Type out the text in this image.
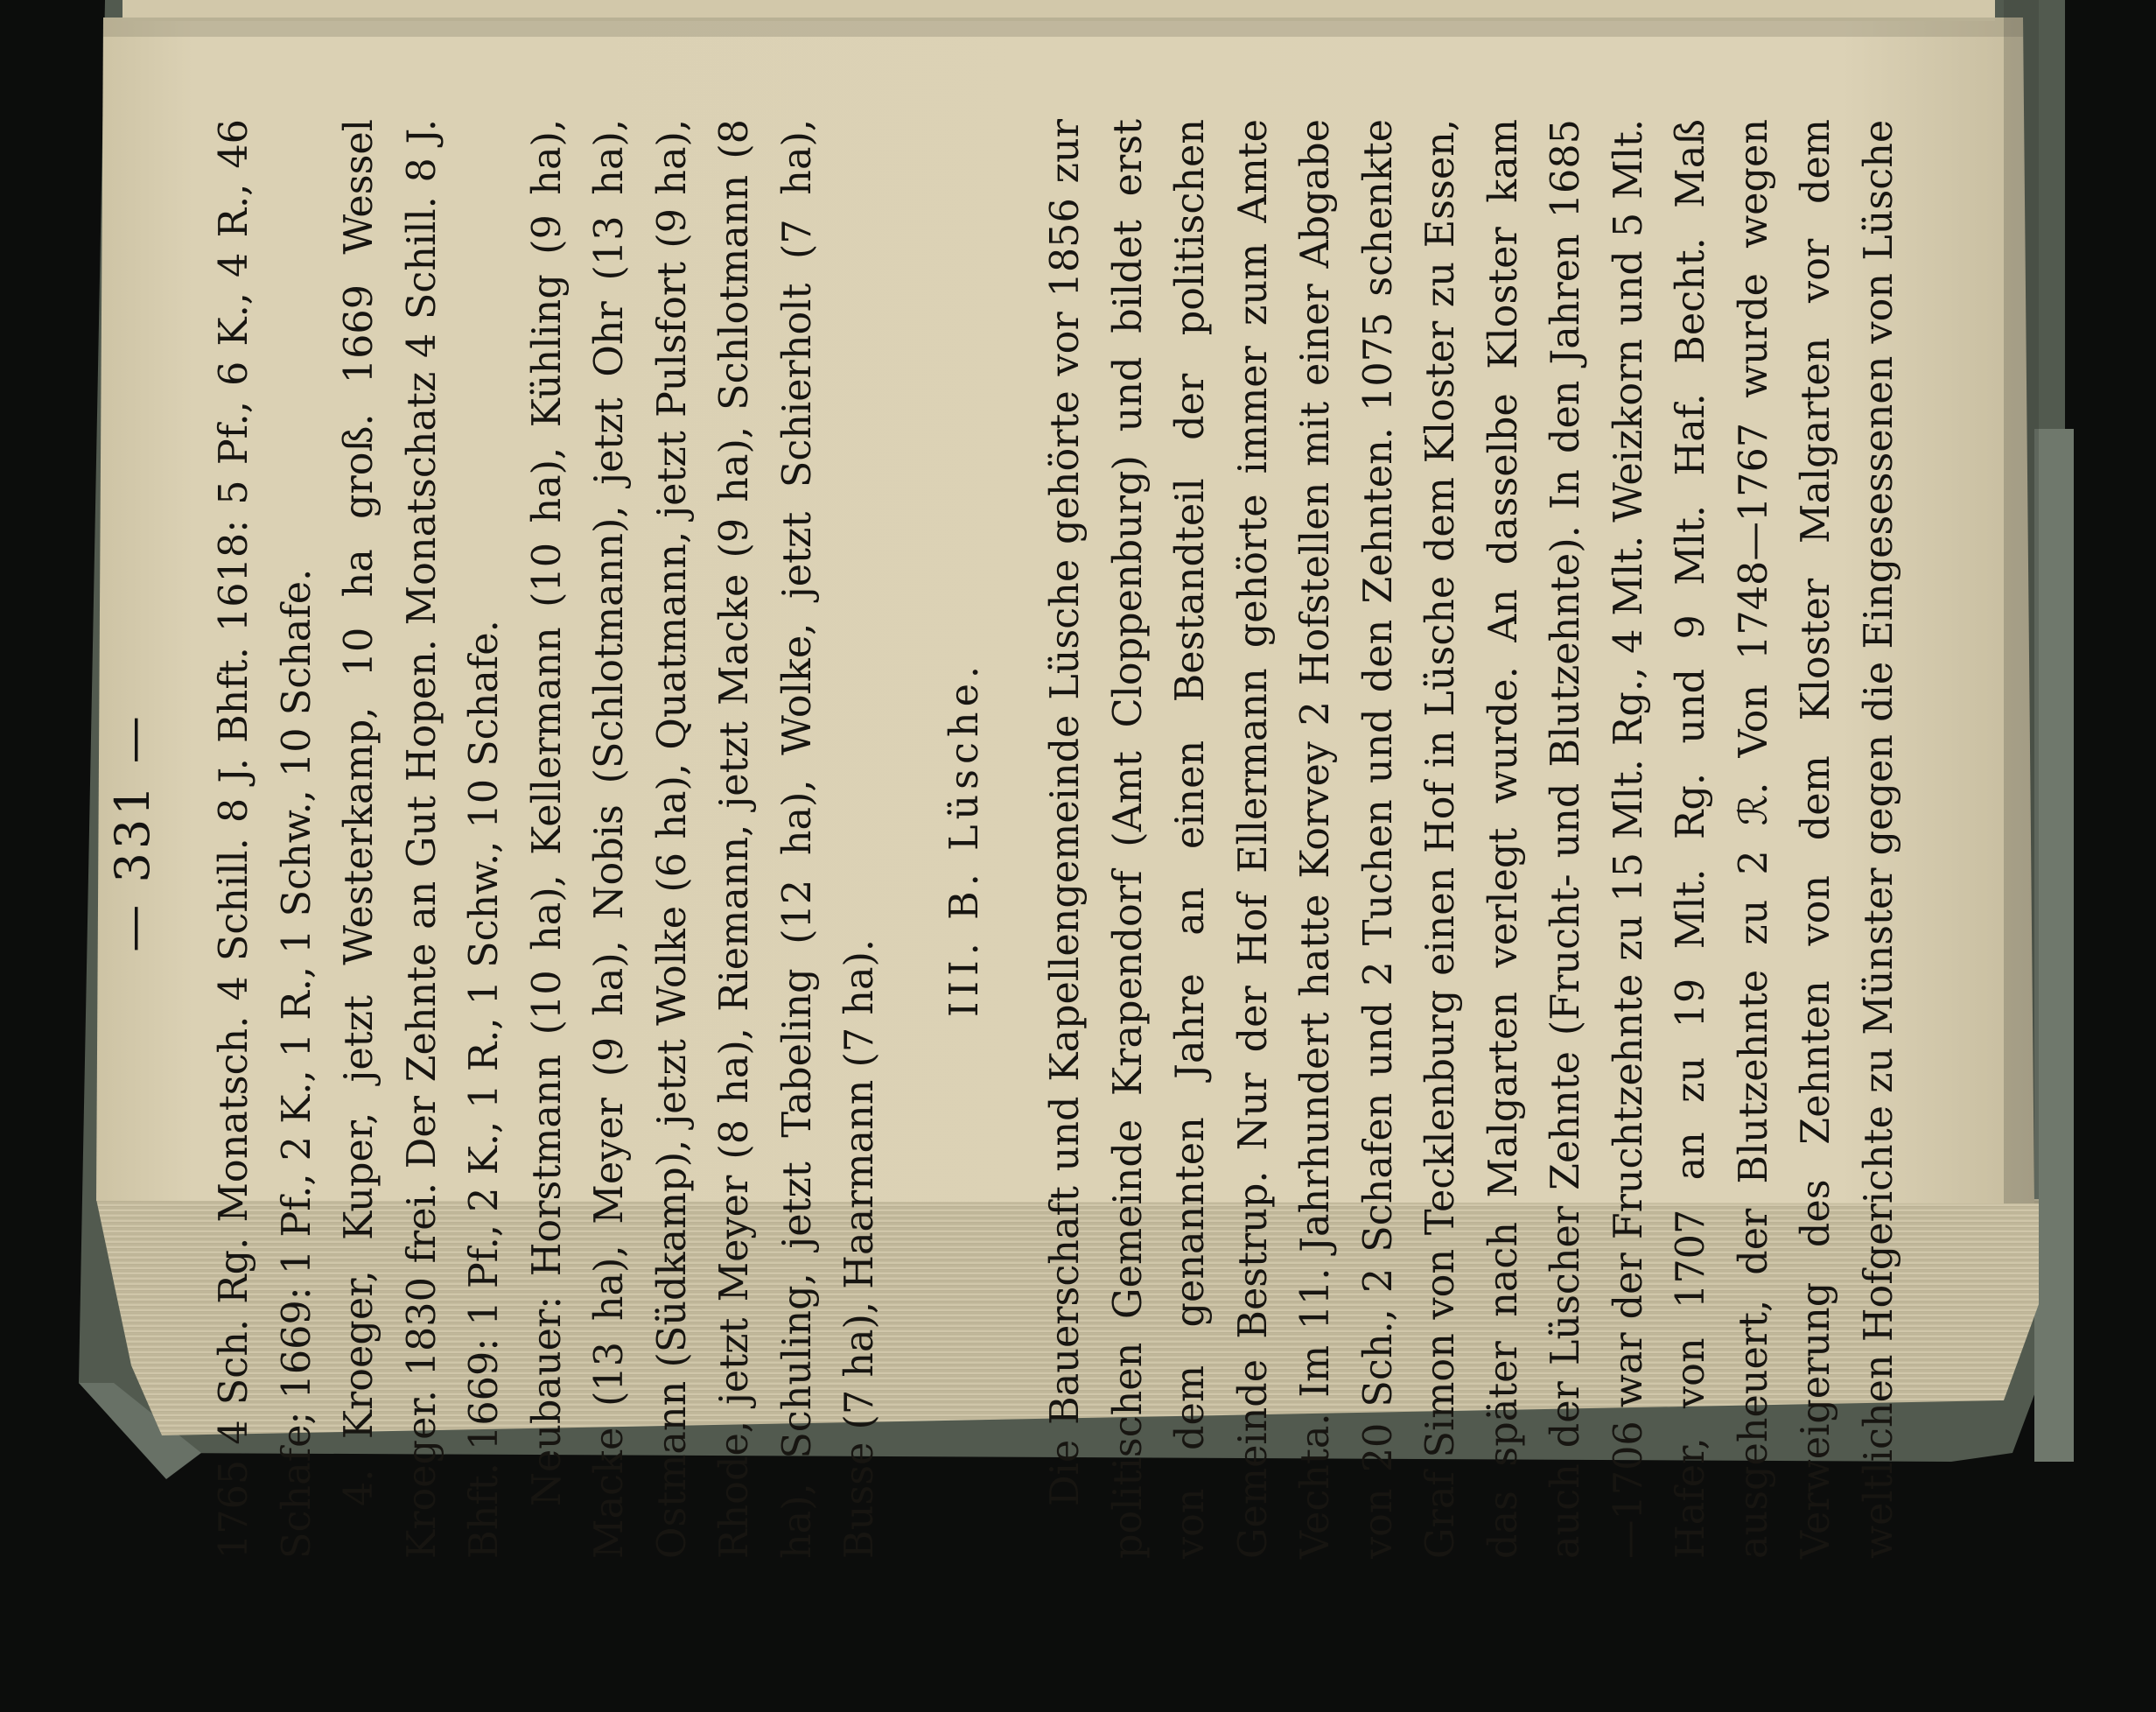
— 331 — 1765 4 Sch. Rg. Monatsch. 4 Schill. 8 J. Bhft. 1618: 5 Pf., 6 K., 4 R., 46 Schafe; 1669: 1 Pf., 2 K., 1 R., 1 Schw., 10 Schafe. 4. Kroeger, Kuper, jetzt Westerkamp, 10 ha groß. 1669 Wessel Kroeger. 1830 frei. Der Zehnte an Gut Hopen. Monatschatz 4 Schill. 8 J. Bhft. 1669: 1 Pf., 2 K., 1 R., 1 Schw., 10 Schafe. Neubauer: Horstmann (10 ha), Kellermann (10 ha), Kühling (9 ha), Macke (13 ha), Meyer (9 ha), Nobis (Schlotmann), jetzt Ohr (13 ha), Ostmann (Südkamp), jetzt Wolke (6 ha), Quatmann, jetzt Pulsfort (9 ha), Rhode, jetzt Meyer (8 ha), Riemann, jetzt Macke (9 ha), Schlotmann (8 ha), Schuling, jetzt Tabeling (12 ha), Wolke, jetzt Schierholt (7 ha), Busse (7 ha), Haarmann (7 ha).

III. B. Lüsche. Die Bauerschaft und Kapellengemeinde Lüsche gehörte vor 1856 zur politischen Gemeinde Krapendorf (Amt Cloppenburg) und bildet erst von dem genannten Jahre an einen Bestandteil der politischen Gemeinde Bestrup. Nur der Hof Ellermann gehörte immer zum Amte Vechta. Im 11. Jahrhundert hatte Korvey 2 Hofstellen mit einer Abgabe von 20 Sch., 2 Schafen und 2 Tuchen und den Zehnten. 1075 schenkte Graf Simon von Tecklenburg einen Hof in Lüsche dem Kloster zu Essen, das später nach Malgarten verlegt wurde. An dasselbe Kloster kam auch der Lüscher Zehnte (Frucht- und Blutzehnte). In den Jahren 1685—1706 war der Fruchtzehnte zu 15 Mlt. Rg., 4 Mlt. Weizkorn und 5 Mlt. Hafer, von 1707 an zu 19 Mlt. Rg. und 9 Mlt. Haf. Becht. Maß ausgeheuert, der Blutzehnte zu 2 ℛ. Von 1748—1767 wurde wegen Verweigerung des Zehnten von dem Kloster Malgarten vor dem weltlichen Hofgerichte zu Münster gegen die Eingesessenen von Lüsche
